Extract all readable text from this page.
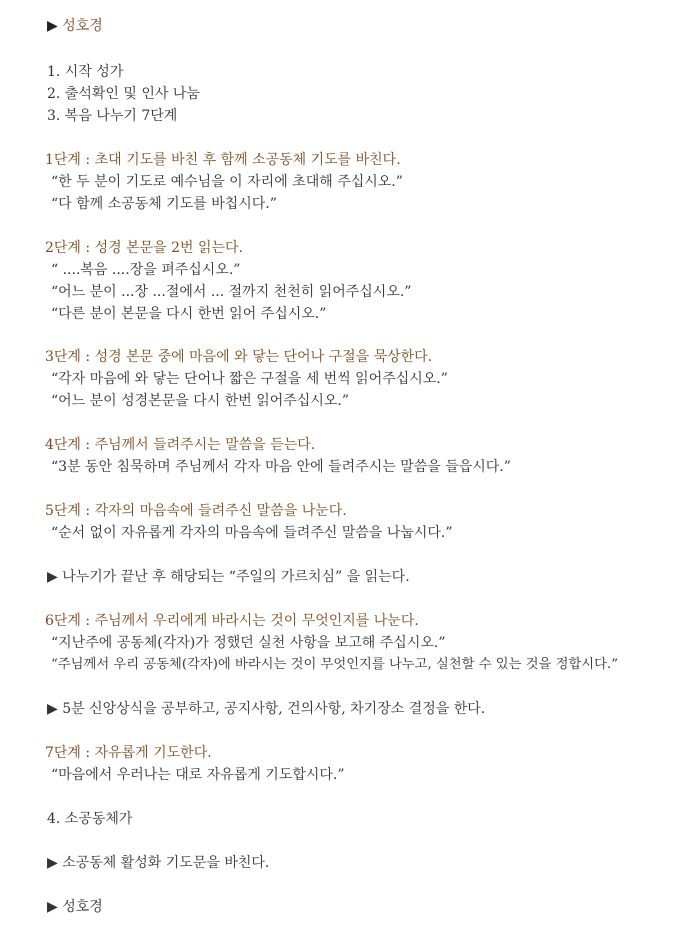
▶ 성호경
1. 시작 성가
2. 출석확인 및 인사 나눔
3. 복음 나누기 7단계
1단계 : 초대 기도를 바친 후 함께 소공동체 기도를 바친다.
“한 두 분이 기도로 예수님을 이 자리에 초대해 주십시오.”
“다 함께 소공동체 기도를 바칩시다.”
2단계 : 성경 본문을 2번 읽는다.
“ ....복음 ....장을 펴주십시오.”
“어느 분이 ...장 ...절에서 ... 절까지 천천히 읽어주십시오.”
“다른 분이 본문을 다시 한번 읽어 주십시오.”
3단계 : 성경 본문 중에 마음에 와 닿는 단어나 구절을 묵상한다.
“각자 마음에 와 닿는 단어나 짧은 구절을 세 번씩 읽어주십시오.”
“어느 분이 성경본문을 다시 한번 읽어주십시오.”
4단계 : 주님께서 들려주시는 말씀을 듣는다.
“3분 동안 침묵하며 주님께서 각자 마음 안에 들려주시는 말씀을 들읍시다.”
5단계 : 각자의 마음속에 들려주신 말씀을 나눈다.
“순서 없이 자유롭게 각자의 마음속에 들려주신 말씀을 나눕시다.”
▶ 나누기가 끝난 후 해당되는 “주일의 가르치심” 을 읽는다.
6단계 : 주님께서 우리에게 바라시는 것이 무엇인지를 나눈다.
“지난주에 공동체(각자)가 정했던 실천 사항을 보고해 주십시오.”
“주님께서 우리 공동체(각자)에 바라시는 것이 무엇인지를 나누고, 실천할 수 있는 것을 정합시다.”
▶ 5분 신앙상식을 공부하고, 공지사항, 건의사항, 차기장소 결정을 한다.
7단계 : 자유롭게 기도한다.
“마음에서 우러나는 대로 자유롭게 기도합시다.”
4. 소공동체가
▶ 소공동체 활성화 기도문을 바친다.
▶ 성호경
